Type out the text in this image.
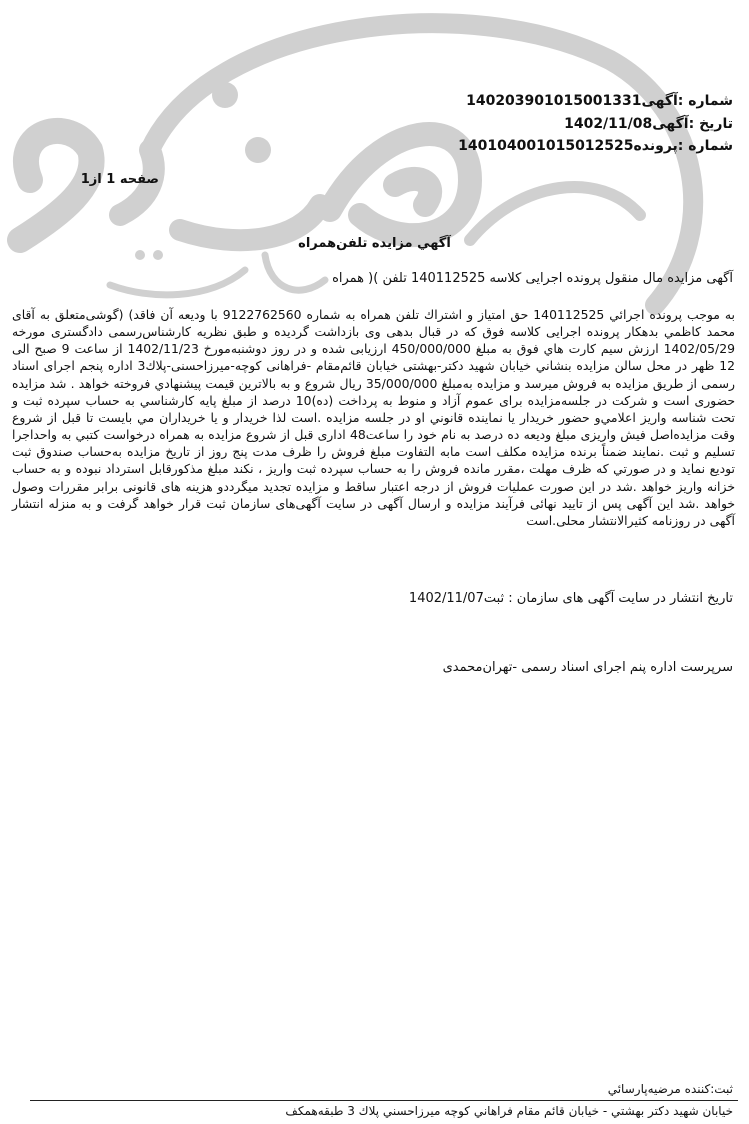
شماره :آگهی140203901015001331
تاریخ :آگهی1402/11/08
شماره :پرونده140104001015012525
صفحه 1 از1
آگهي مزايده تلفن‌همراه
آگهی مزایده مال منقول پرونده اجرایی کلاسه 140112525 تلفن )( همراه
به موجب پرونده اجرائي 140112525 حق امتياز و اشتراك تلفن همراه به شماره 9122762560 با وديعه آن فاقد) (گوشی‌متعلق به آقای محمد كاظمي بدهكار پرونده اجرايی كلاسه فوق كه در قبال بدهی وی بازداشت گرديده و طبق نظريه كارشناس‌رسمی دادگستری مورخه 1402/05/29 ارزش سیم كارت هاي فوق به مبلغ 450/000/000 ارزيابی شده و در روز دوشنبه‌مورخ 1402/11/23 از ساعت 9 صبح الی 12 ظهر در محل سالن مزايده بنشاني خيابان شهيد دكتر-بهشتی خيابان قائم‌مقام -فراهانی كوچه-ميرزاحسنی-پلاك3 اداره پنجم اجرای اسناد رسمی از طريق مزايده به فروش ميرسد و مزايده به‌مبلغ 35/000/000 ريال شروع و به بالاترين قيمت پيشنهادي فروخته خواهد . شد مزايده حضوری است و شركت در جلسه‌مزايده برای عموم آزاد و منوط به پرداخت (ده)10 درصد از مبلغ پايه كارشناسي به حساب سپرده ثبت و تحت شناسه واريز اعلامي‌و حضور خريدار يا نماينده قانوني او در جلسه مزايده .است لذا خريدار و يا خريداران مي بايست تا قبل از شروع وقت مزايده‌اصل فيش واريزی مبلغ وديعه ده درصد به نام خود را ساعت48 اداری قبل از شروع مزايده به همراه درخواست كتبي به واحداجرا تسليم و ثبت .نمايند ضمناً برنده مزايده مكلف است مابه التفاوت مبلغ فروش را ظرف مدت پنج روز از تاريخ مزايده به‌حساب صندوق ثبت توديع نمايد و در صورتي كه ظرف مهلت ،مقرر مانده فروش را به حساب سپرده ثبت واريز ، نكند مبلغ مذكورقابل استرداد نبوده و به حساب خزانه واريز خواهد .شد در اين صورت عمليات فروش از درجه اعتبار ساقط و مزايده تجديد ميگرددو هزينه های قانونی برابر مقررات وصول خواهد .شد اين آگهی پس از تاييد نهائی فرآيند مزايده و ارسال آگهی در سايت آگهی‌های سازمان ثبت قرار خواهد گرفت و به منزله انتشار آگهی در روزنامه كثيرالانتشار محلی.است
تاریخ انتشار در سایت آگهی های سازمان : ثبت1402/11/07
سرپرست اداره پنم اجرای اسناد رسمی -تهران‌محمدی
ثبت:كننده مرضيه‌پارسائي
خيابان شهيد دكتر بهشتي - خيابان قائم مقام فراهاني كوچه ميرزاحسني پلاك 3 طبقه‌همكف
